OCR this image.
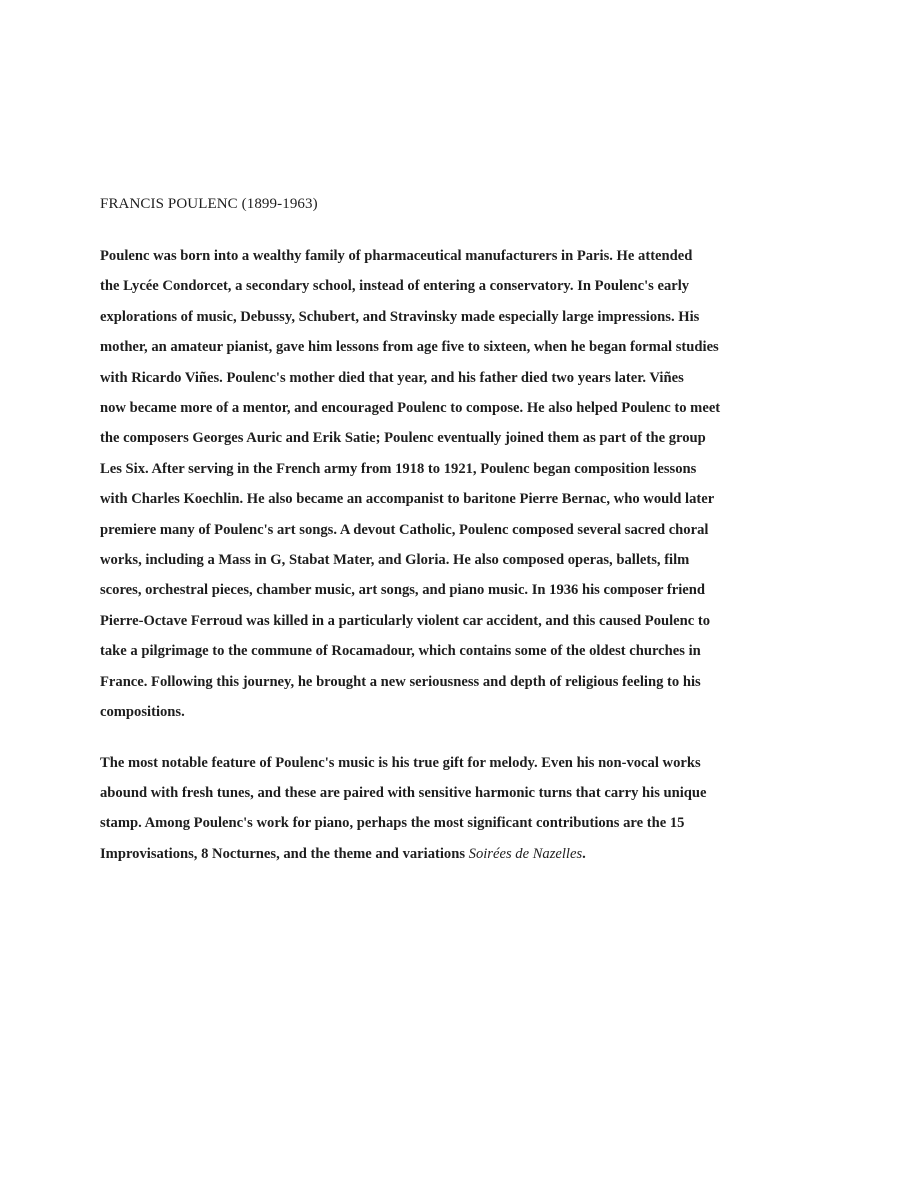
FRANCIS POULENC (1899-1963)

Poulenc was born into a wealthy family of pharmaceutical manufacturers in Paris. He attended
the Lycée Condorcet, a secondary school, instead of entering a conservatory. In Poulenc's early
explorations of music, Debussy, Schubert, and Stravinsky made especially large impressions. His
mother, an amateur pianist, gave him lessons from age five to sixteen, when he began formal studies
with Ricardo Viñes. Poulenc's mother died that year, and his father died two years later. Viñes
now became more of a mentor, and encouraged Poulenc to compose. He also helped Poulenc to meet
the composers Georges Auric and Erik Satie; Poulenc eventually joined them as part of the group
Les Six. After serving in the French army from 1918 to 1921, Poulenc began composition lessons
with Charles Koechlin. He also became an accompanist to baritone Pierre Bernac, who would later
premiere many of Poulenc's art songs. A devout Catholic, Poulenc composed several sacred choral
works, including a Mass in G, Stabat Mater, and Gloria. He also composed operas, ballets, film
scores, orchestral pieces, chamber music, art songs, and piano music. In 1936 his composer friend
Pierre-Octave Ferroud was killed in a particularly violent car accident, and this caused Poulenc to
take a pilgrimage to the commune of Rocamadour, which contains some of the oldest churches in
France. Following this journey, he brought a new seriousness and depth of religious feeling to his
compositions.

The most notable feature of Poulenc's music is his true gift for melody. Even his non-vocal works
abound with fresh tunes, and these are paired with sensitive harmonic turns that carry his unique
stamp. Among Poulenc's work for piano, perhaps the most significant contributions are the 15
Improvisations, 8 Nocturnes, and the theme and variations Soirées de Nazelles.
